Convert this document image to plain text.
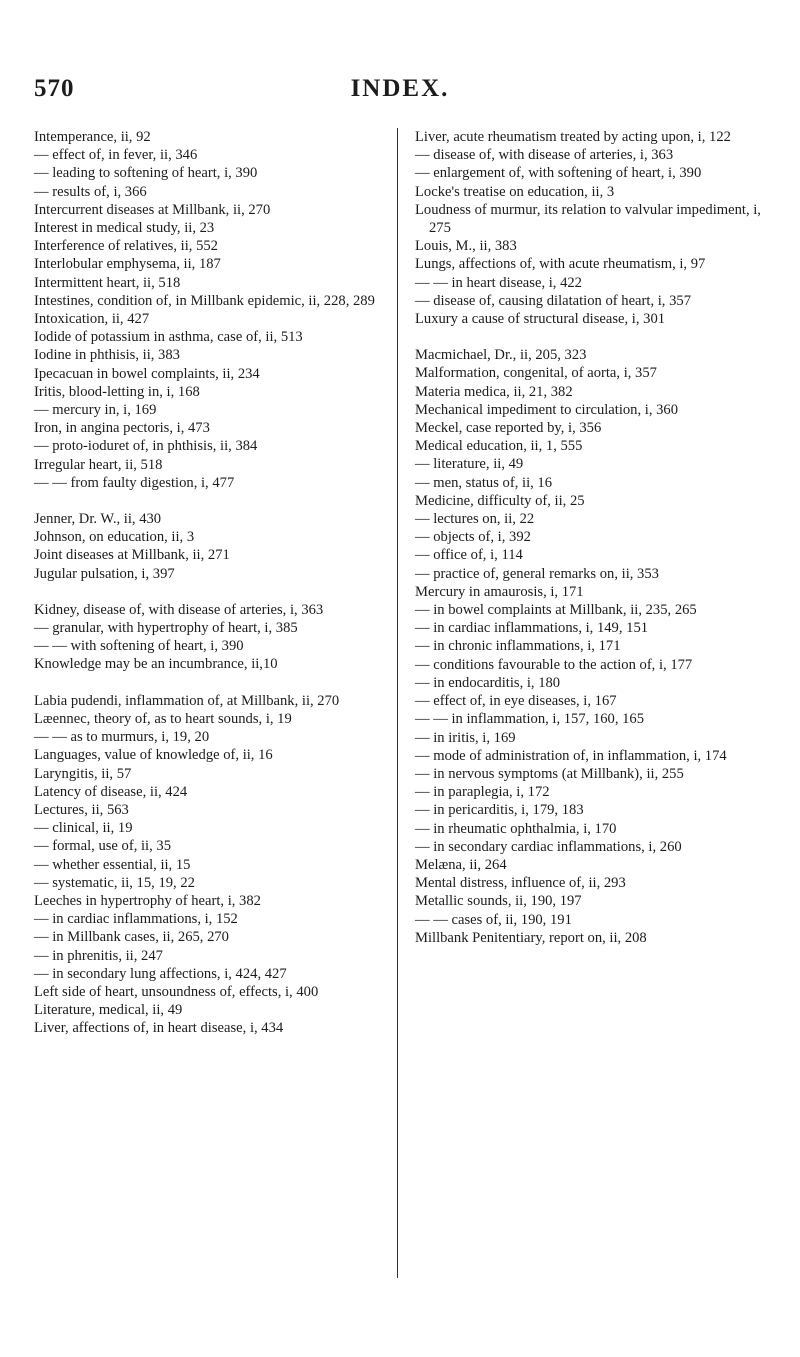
570	INDEX.
Intemperance, ii, 92
— effect of, in fever, ii, 346
— leading to softening of heart, i, 390
— results of, i, 366
Intercurrent diseases at Millbank, ii, 270
Interest in medical study, ii, 23
Interference of relatives, ii, 552
Interlobular emphysema, ii, 187
Intermittent heart, ii, 518
Intestines, condition of, in Millbank epidemic, ii, 228, 289
Intoxication, ii, 427
Iodide of potassium in asthma, case of, ii, 513
Iodine in phthisis, ii, 383
Ipecacuan in bowel complaints, ii, 234
Iritis, blood-letting in, i, 168
— mercury in, i, 169
Iron, in angina pectoris, i, 473
— proto-ioduret of, in phthisis, ii, 384
Irregular heart, ii, 518
— — from faulty digestion, i, 477
Jenner, Dr. W., ii, 430
Johnson, on education, ii, 3
Joint diseases at Millbank, ii, 271
Jugular pulsation, i, 397
Kidney, disease of, with disease of arteries, i, 363
— granular, with hypertrophy of heart, i, 385
— — with softening of heart, i, 390
Knowledge may be an incumbrance, ii,10
Labia pudendi, inflammation of, at Millbank, ii, 270
Læennec, theory of, as to heart sounds, i, 19
— — as to murmurs, i, 19, 20
Languages, value of knowledge of, ii, 16
Laryngitis, ii, 57
Latency of disease, ii, 424
Lectures, ii, 563
— clinical, ii, 19
— formal, use of, ii, 35
— whether essential, ii, 15
— systematic, ii, 15, 19, 22
Leeches in hypertrophy of heart, i, 382
— in cardiac inflammations, i, 152
— in Millbank cases, ii, 265, 270
— in phrenitis, ii, 247
— in secondary lung affections, i, 424, 427
Left side of heart, unsoundness of, effects, i, 400
Literature, medical, ii, 49
Liver, affections of, in heart disease, i, 434
Liver, acute rheumatism treated by acting upon, i, 122
— disease of, with disease of arteries, i, 363
— enlargement of, with softening of heart, i, 390
Locke's treatise on education, ii, 3
Loudness of murmur, its relation to valvular impediment, i, 275
Louis, M., ii, 383
Lungs, affections of, with acute rheumatism, i, 97
— — in heart disease, i, 422
— disease of, causing dilatation of heart, i, 357
Luxury a cause of structural disease, i, 301
Macmichael, Dr., ii, 205, 323
Malformation, congenital, of aorta, i, 357
Materia medica, ii, 21, 382
Mechanical impediment to circulation, i, 360
Meckel, case reported by, i, 356
Medical education, ii, 1, 555
— literature, ii, 49
— men, status of, ii, 16
Medicine, difficulty of, ii, 25
— lectures on, ii, 22
— objects of, i, 392
— office of, i, 114
— practice of, general remarks on, ii, 353
Mercury in amaurosis, i, 171
— in bowel complaints at Millbank, ii, 235, 265
— in cardiac inflammations, i, 149, 151
— in chronic inflammations, i, 171
— conditions favourable to the action of, i, 177
— in endocarditis, i, 180
— effect of, in eye diseases, i, 167
— — in inflammation, i, 157, 160, 165
— in iritis, i, 169
— mode of administration of, in inflammation, i, 174
— in nervous symptoms (at Millbank), ii, 255
— in paraplegia, i, 172
— in pericarditis, i, 179, 183
— in rheumatic ophthalmia, i, 170
— in secondary cardiac inflammations, i, 260
Melæna, ii, 264
Mental distress, influence of, ii, 293
Metallic sounds, ii, 190, 197
— — cases of, ii, 190, 191
Millbank Penitentiary, report on, ii, 208
